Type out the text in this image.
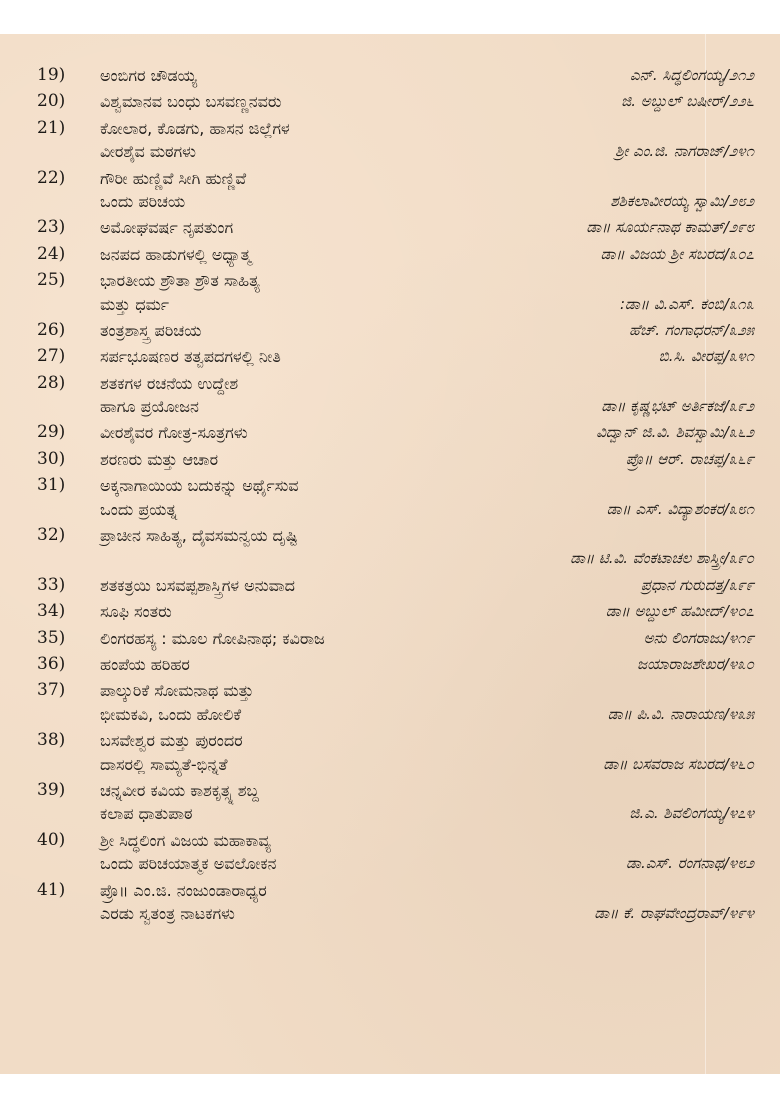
19)	ಅಂಬಿಗರ ಚೌಡಯ್ಯ	ಎನ್. ಸಿದ್ಧಲಿಂಗಯ್ಯ/೨೧೨
20)	ವಿಶ್ವಮಾನವ ಬಂಧು ಬಸವಣ್ಣನವರು	ಜಿ. ಅಬ್ದುಲ್ ಬಷೀರ್/೨೨೬
21)	ಕೋಲಾರ, ಕೊಡಗು, ಹಾಸನ ಜಿಲ್ಲೆಗಳ
ವೀರಶೈವ ಮಠಗಳು	ಶ್ರೀ ಎಂ.ಜಿ. ನಾಗರಾಜ್/೨೪೧
22)	ಗೌರೀ ಹುಣ್ಣಿವೆ ಸೀಗಿ ಹುಣ್ಣಿವೆ
ಒಂದು ಪರಿಚಯ	ಶಶಿಕಲಾವೀರಯ್ಯ ಸ್ವಾಮಿ/೨೮೨
23)	ಅಮೋಘವರ್ಷ ನೃಪತುಂಗ	ಡಾ॥ ಸೂರ್ಯನಾಥ ಕಾಮತ್/೨೯೮
24)	ಜನಪದ ಹಾಡುಗಳಲ್ಲಿ ಅಧ್ಯಾತ್ಮ	ಡಾ॥ ವಿಜಯ ಶ್ರೀ ಸಬರದ/೩೦೭
25)	ಭಾರತೀಯ ಶ್ರೌತಾ ಶ್ರೌತ ಸಾಹಿತ್ಯ
ಮತ್ತು ಧರ್ಮ	:ಡಾ॥ ವಿ.ಎಸ್. ಕಂಬಿ/೩೧೩
26)	ತಂತ್ರಶಾಸ್ತ್ರ ಪರಿಚಯ	ಹೆಚ್. ಗಂಗಾಧರನ್/೩೨೫
27)	ಸರ್ಪಭೂಷಣರ ತತ್ವಪದಗಳಲ್ಲಿ ನೀತಿ	ಬಿ.ಸಿ. ವೀರಪ್ಪ/೩೪೧
28)	ಶತಕಗಳ ರಚನೆಯ ಉದ್ದೇಶ
ಹಾಗೂ ಪ್ರಯೋಜನ	ಡಾ॥ ಕೃಷ್ಣಭಟ್ ಅರ್ತಿಕಜೆ/೩೯೨
29)	ವೀರಶೈವರ ಗೋತ್ರ-ಸೂತ್ರಗಳು	ವಿದ್ವಾನ್ ಜಿ.ವಿ. ಶಿವಸ್ವಾಮಿ/೩೬೨
30)	ಶರಣರು ಮತ್ತು ಆಚಾರ	ಪ್ರೊ॥ ಆರ್. ರಾಚಪ್ಪ/೩೬೯
31)	ಅಕ್ಕನಾಗಾಯಿಯ ಬದುಕನ್ನು ಅರ್ಥೈಸುವ
ಒಂದು ಪ್ರಯತ್ನ	ಡಾ॥ ಎಸ್. ವಿದ್ಯಾಶಂಕರ/೩೮೧
32)	ಪ್ರಾಚೀನ ಸಾಹಿತ್ಯ, ದೈವಸಮನ್ವಯ ದೃಷ್ಟಿ
ಡಾ॥ ಟಿ.ವಿ. ವೆಂಕಟಾಚಲ ಶಾಸ್ತ್ರೀ/೩೯೦
33)	ಶತಕತ್ರಯಿ ಬಸವಪ್ಪಶಾಸ್ತ್ರಿಗಳ ಅನುವಾದ	ಪ್ರಧಾನ ಗುರುದತ್ತ/೩೯೯
34)	ಸೂಫಿ ಸಂತರು	ಡಾ॥ ಅಬ್ದುಲ್ ಹಮೀದ್/೪೦೭
35)	ಲಿಂಗರಹಸ್ಯ : ಮೂಲ ಗೋಪಿನಾಥ; ಕವಿರಾಜ	ಅನು ಲಿಂಗರಾಜು/೪೧೯
36)	ಹಂಪೆಯ ಹರಿಹರ	ಜಯಾರಾಜಶೇಖರ/೪೩೦
37)	ಪಾಲ್ಕುರಿಕೆ ಸೋಮನಾಥ ಮತ್ತು
ಭೀಮಕವಿ, ಒಂದು ಹೋಲಿಕೆ	ಡಾ॥ ಪಿ.ವಿ. ನಾರಾಯಣ/೪೩೫
38)	ಬಸವೇಶ್ವರ ಮತ್ತು ಪುರಂದರ
ದಾಸರಲ್ಲಿ ಸಾಮ್ಯತೆ-ಭಿನ್ನತೆ	ಡಾ॥ ಬಸವರಾಜ ಸಬರದ/೪೬೦
39)	ಚನ್ನವೀರ ಕವಿಯ ಕಾಶಕೃತ್ಸ್ನ ಶಬ್ದ
ಕಲಾಪ ಧಾತುಪಾಠ	ಜಿ.ಎ. ಶಿವಲಿಂಗಯ್ಯ/೪೭೪
40)	ಶ್ರೀ ಸಿದ್ಧಲಿಂಗ ವಿಜಯ ಮಹಾಕಾವ್ಯ
ಒಂದು ಪರಿಚಯಾತ್ಮಕ ಅವಲೋಕನ	ಡಾ.ಎಸ್. ರಂಗನಾಥ/೪೮೨
41)	ಪ್ರೊ॥ ಎಂ.ಜಿ. ನಂಜುಂಡಾರಾಧ್ಯರ
ಎರಡು ಸ್ವತಂತ್ರ ನಾಟಕಗಳು	ಡಾ॥ ಕೆ. ರಾಘವೇಂದ್ರರಾವ್/೪೯೪
